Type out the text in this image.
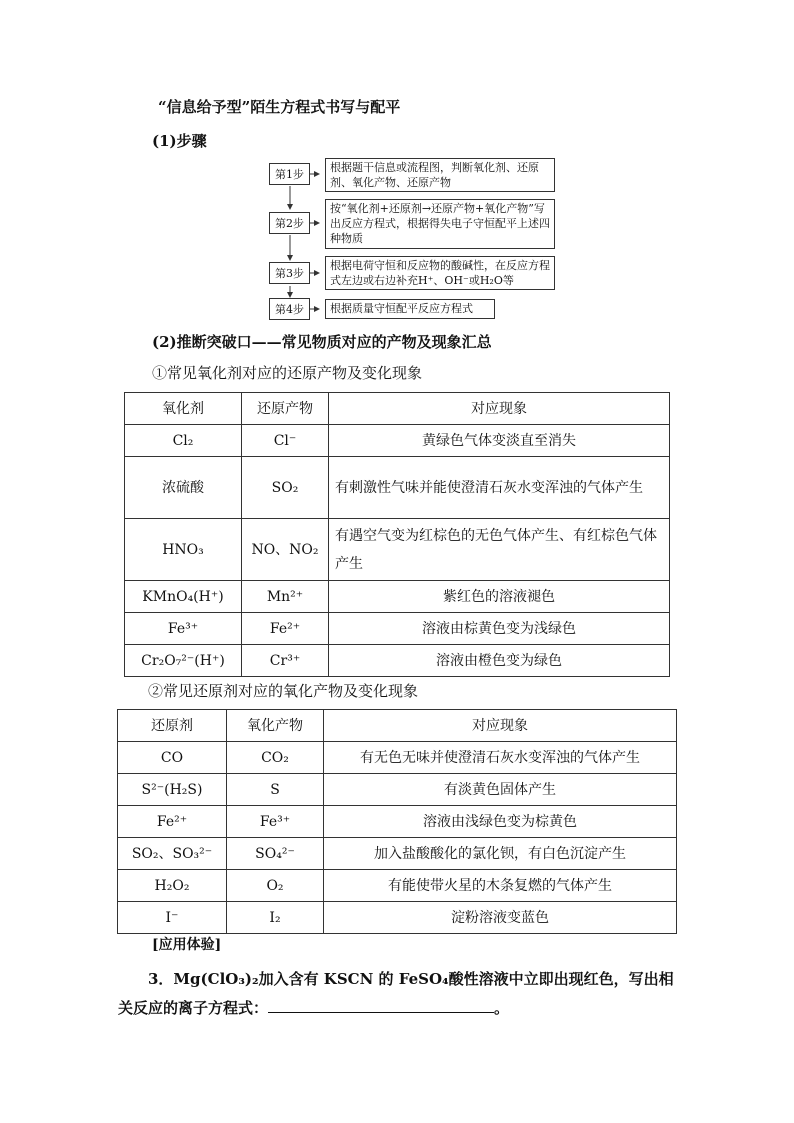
“信息给予型”陌生方程式书写与配平
(1)步骤
第1步
根据题干信息或流程图，判断氧化剂、还原剂、氧化产物、还原产物
第2步
按“氧化剂+还原剂→还原产物+氧化产物”写出反应方程式，根据得失电子守恒配平上述四种物质
第3步
根据电荷守恒和反应物的酸碱性，在反应方程式左边或右边补充H⁺、OH⁻或H₂O等
第4步	根据质量守恒配平反应方程式
(2)推断突破口——常见物质对应的产物及现象汇总
①常见氧化剂对应的还原产物及变化现象
氧化剂	还原产物	对应现象
Cl₂	Cl⁻	黄绿色气体变淡直至消失
浓硫酸	SO₂	有刺激性气味并能使澄清石灰水变浑浊的气体产生
HNO₃	NO、NO₂	有遇空气变为红棕色的无色气体产生、有红棕色气体产生
KMnO₄(H⁺)	Mn²⁺	紫红色的溶液褪色
Fe³⁺	Fe²⁺	溶液由棕黄色变为浅绿色
Cr₂O₇²⁻(H⁺)	Cr³⁺	溶液由橙色变为绿色
②常见还原剂对应的氧化产物及变化现象
还原剂	氧化产物	对应现象
CO	CO₂	有无色无味并使澄清石灰水变浑浊的气体产生
S²⁻(H₂S)	S	有淡黄色固体产生
Fe²⁺	Fe³⁺	溶液由浅绿色变为棕黄色
SO₂、SO₃²⁻	SO₄²⁻	加入盐酸酸化的氯化钡，有白色沉淀产生
H₂O₂	O₂	有能使带火星的木条复燃的气体产生
I⁻	I₂	淀粉溶液变蓝色
[应用体验]
3．Mg(ClO₃)₂加入含有 KSCN 的 FeSO₄酸性溶液中立即出现红色，写出相
关反应的离子方程式：	。
